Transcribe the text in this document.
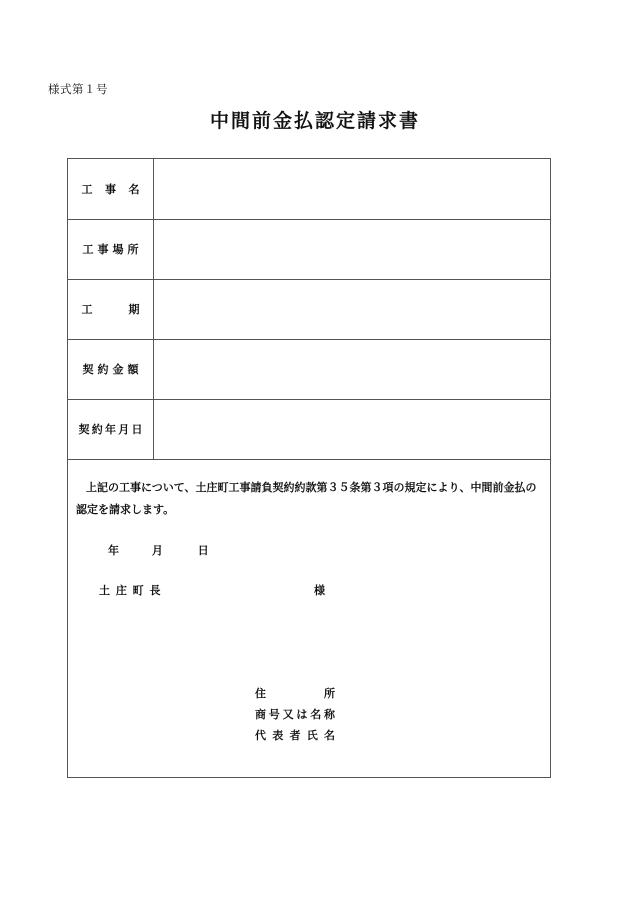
様式第１号
中間前金払認定請求書
工 事 名
工 事 場 所
工	期
契 約 金 額
契 約 年 月 日
上記の工事について、土庄町工事請負契約約款第３５条第３項の規定により、中間前金払の認定を請求します。
年	月	日
土 庄 町 長	様
住	所
商 号 又 は 名 称
代 表 者 氏 名
